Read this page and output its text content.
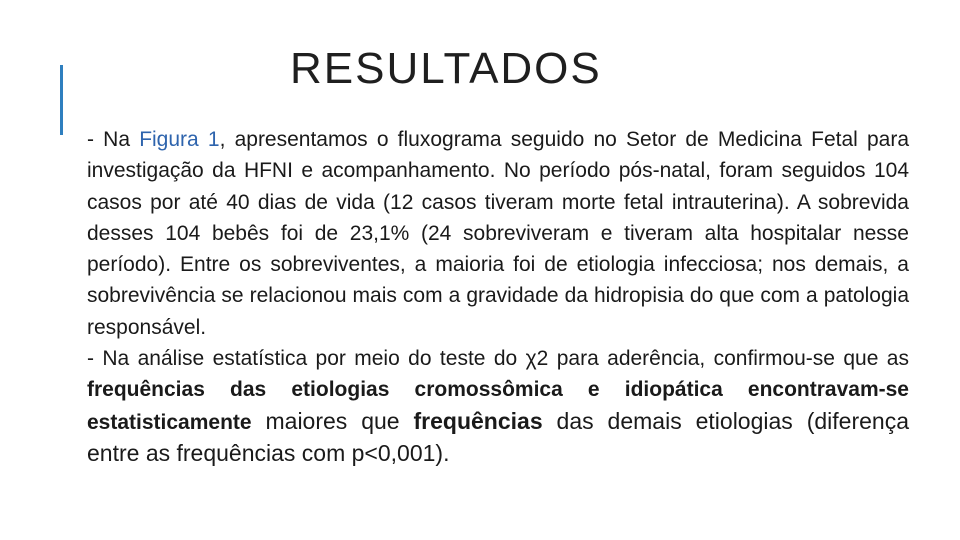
RESULTADOS

- Na Figura 1, apresentamos o fluxograma seguido no Setor de Medicina Fetal para investigação da HFNI e acompanhamento. No período pós-natal, foram seguidos 104 casos por até 40 dias de vida (12 casos tiveram morte fetal intrauterina). A sobrevida desses 104 bebês foi de 23,1% (24 sobreviveram e tiveram alta hospitalar nesse período). Entre os sobreviventes, a maioria foi de etiologia infecciosa; nos demais, a sobrevivência se relacionou mais com a gravidade da hidropisia do que com a patologia responsável.

- Na análise estatística por meio do teste do χ2 para aderência, confirmou-se que as frequências das etiologias cromossômica e idiopática encontravam-se estatisticamente maiores que frequências das demais etiologias (diferença entre as frequências com p<0,001).
